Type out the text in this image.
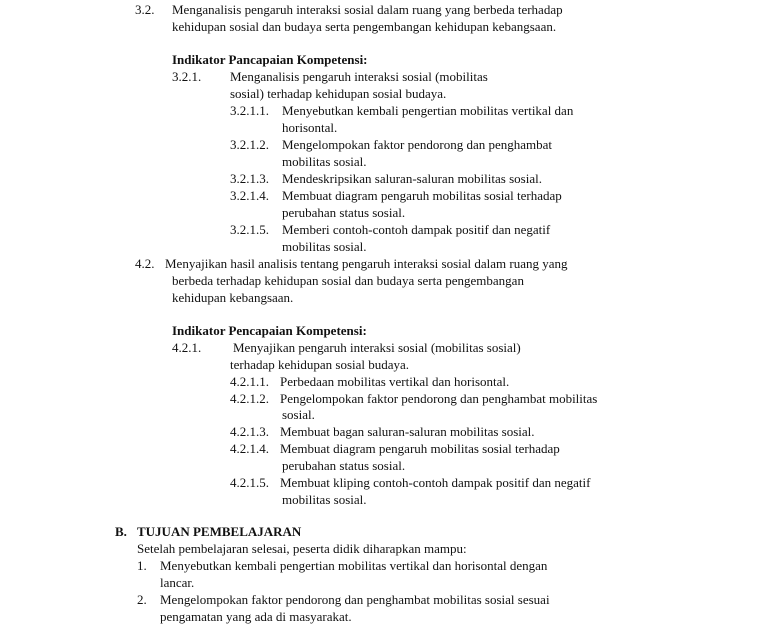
3.2. Menganalisis pengaruh interaksi sosial dalam ruang yang berbeda terhadap
kehidupan sosial dan budaya serta pengembangan kehidupan kebangsaan.
Indikator Pancapaian Kompetensi:
3.2.1. Menganalisis pengaruh interaksi sosial (mobilitas
sosial) terhadap kehidupan sosial budaya.
3.2.1.1. Menyebutkan kembali pengertian mobilitas vertikal dan
horisontal.
3.2.1.2. Mengelompokan faktor pendorong dan penghambat
mobilitas sosial.
3.2.1.3. Mendeskripsikan saluran-saluran mobilitas sosial.
3.2.1.4. Membuat diagram pengaruh mobilitas sosial terhadap
perubahan status sosial.
3.2.1.5. Memberi contoh-contoh dampak positif dan negatif
mobilitas sosial.
4.2. Menyajikan hasil analisis tentang pengaruh interaksi sosial dalam ruang yang
berbeda terhadap kehidupan sosial dan budaya serta pengembangan
kehidupan kebangsaan.
Indikator Pencapaian Kompetensi:
4.2.1. Menyajikan pengaruh interaksi sosial (mobilitas sosial)
terhadap kehidupan sosial budaya.
4.2.1.1. Perbedaan mobilitas vertikal dan horisontal.
4.2.1.2. Pengelompokan faktor pendorong dan penghambat mobilitas
sosial.
4.2.1.3. Membuat bagan saluran-saluran mobilitas sosial.
4.2.1.4. Membuat diagram pengaruh mobilitas sosial terhadap
perubahan status sosial.
4.2.1.5. Membuat kliping contoh-contoh dampak positif dan negatif
mobilitas sosial.
B. TUJUAN PEMBELAJARAN
Setelah pembelajaran selesai, peserta didik diharapkan mampu:
1. Menyebutkan kembali pengertian mobilitas vertikal dan horisontal dengan
lancar.
2. Mengelompokan faktor pendorong dan penghambat mobilitas sosial sesuai
pengamatan yang ada di masyarakat.
